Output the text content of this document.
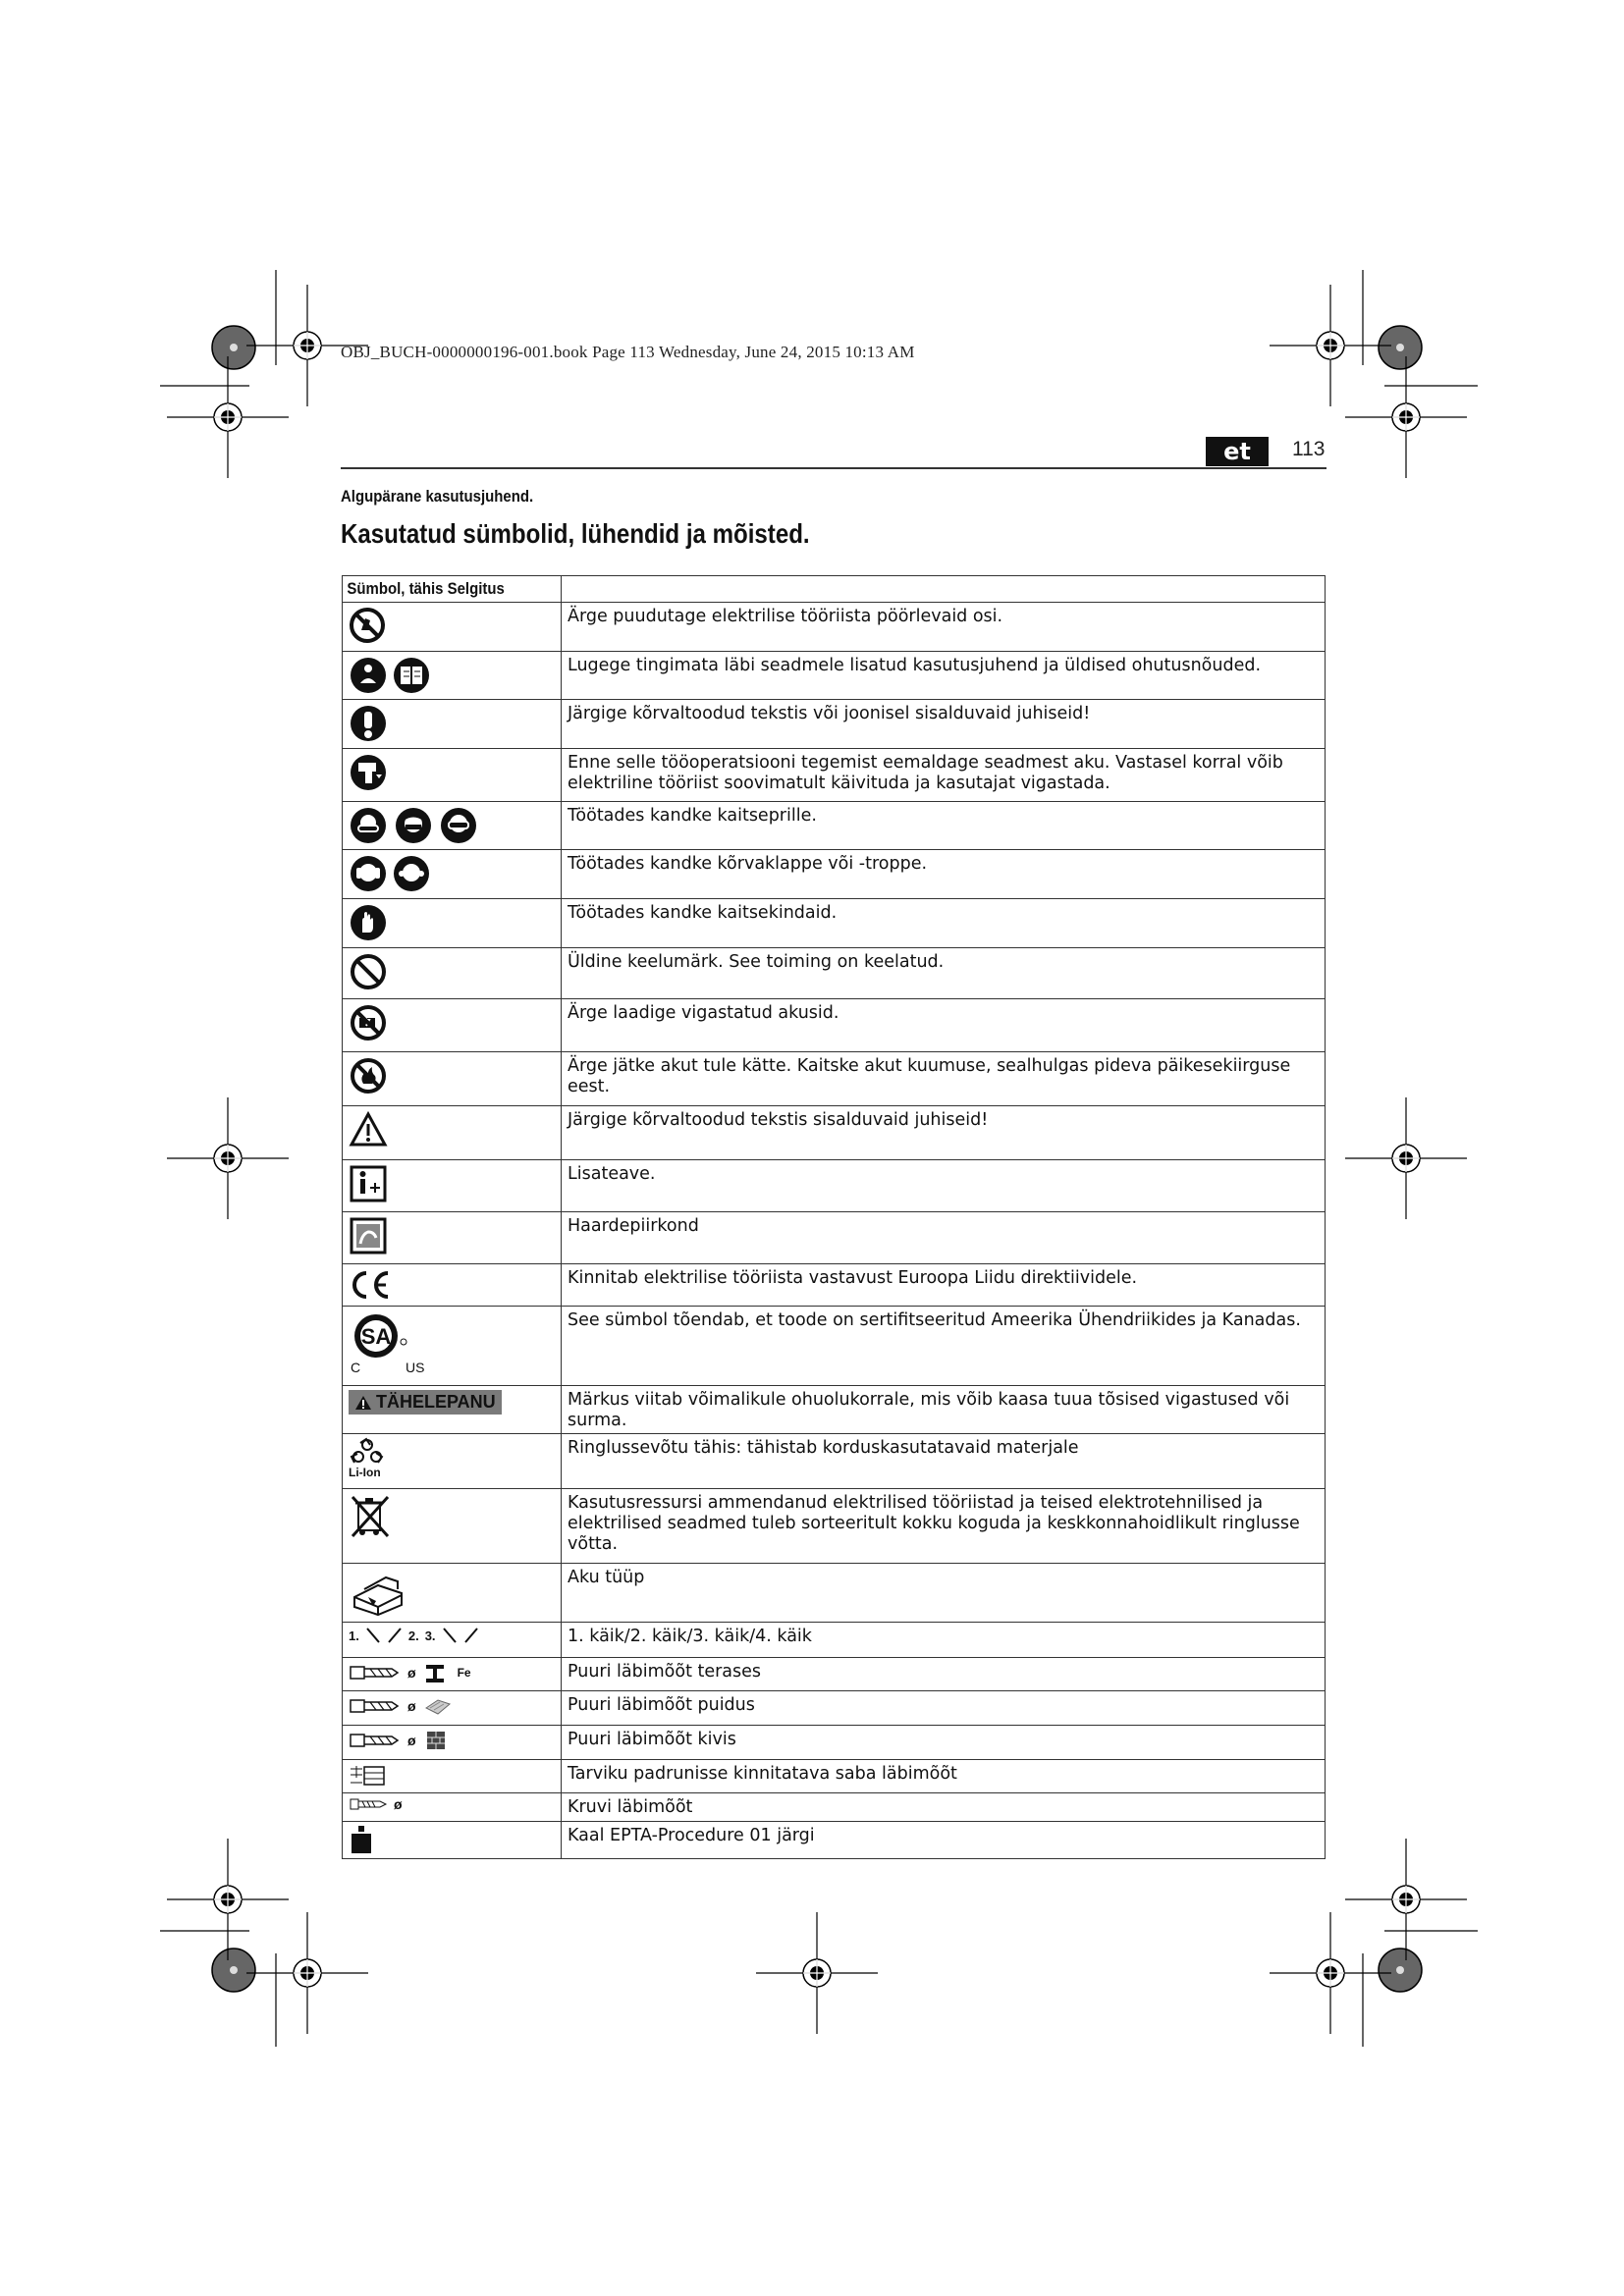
OBJ_BUCH-0000000196-001.book Page 113 Wednesday, June 24, 2015 10:13 AM
et	113
Algupärane kasutusjuhend.
Kasutatud sümbolid, lühendid ja mõisted.
Sümbol, tähis Selgitus	

	Ärge puudutage elektrilise tööriista pöörlevaid osi.

	Lugege tingimata läbi seadmele lisatud kasutusjuhend ja üldised ohutusnõuded.

	Järgige kõrvaltoodud tekstis või joonisel sisalduvaid juhiseid!

	Enne selle tööoperatsiooni tegemist eemaldage seadmest aku. Vastasel korral võib elektriline tööriist soovimatult käivituda ja kasutajat vigastada.

	Töötades kandke kaitseprille.

	Töötades kandke kõrvaklappe või -troppe.

	Töötades kandke kaitsekindaid.

	Üldine keelumärk. See toiming on keelatud.

	Ärge laadige vigastatud akusid.

	Ärge jätke akut tule kätte. Kaitske akut kuumuse, sealhulgas pideva päikesekiirguse eest.

	Järgige kõrvaltoodud tekstis sisalduvaid juhiseid!

	Lisateave.

	Haardepiirkond

	Kinnitab elektrilise tööriista vastavust Euroopa Liidu direktiividele.

SA
C US	See sümbol tõendab, et toode on sertifitseeritud Ameerika Ühendriikides ja Kanadas.

TÄHELEPANU	Märkus viitab võimalikule ohuolukorrale, mis võib kaasa tuua tõsised vigastused või surma.

Li-Ion	Ringlussevõtu tähis: tähistab korduskasutatavaid materjale

	Kasutusressursi ammendanud elektrilised tööriistad ja teised elektrotehnilised ja elektrilised seadmed tuleb sorteeritult kokku koguda ja keskkonnahoidlikult ringlusse võtta.

	Aku tüüp

1. 2. 3.	1. käik/2. käik/3. käik/4. käik

ø Fe	Puuri läbimõõt terases

ø	Puuri läbimõõt puidus

ø	Puuri läbimõõt kivis

	Tarviku padrunisse kinnitatava saba läbimõõt

ø	Kruvi läbimõõt

	Kaal EPTA-Procedure 01 järgi
